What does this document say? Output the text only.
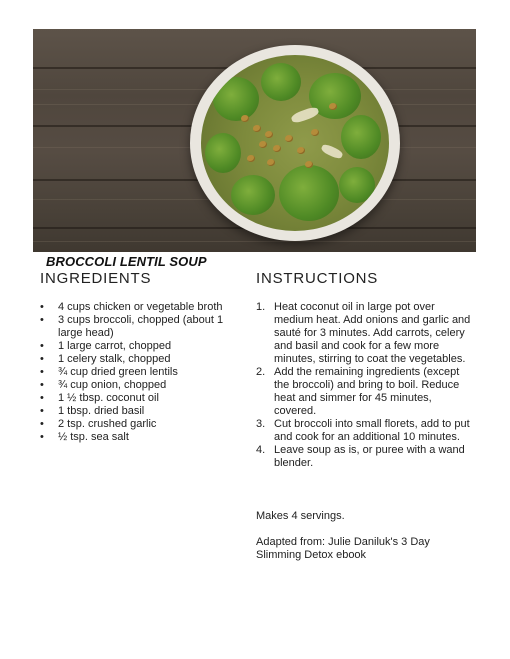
BROCCOLI LENTIL SOUP
INGREDIENTS	INSTRUCTIONS
• 4 cups chicken or vegetable broth
• 3 cups broccoli, chopped (about 1 large head)
• 1 large carrot, chopped
• 1 celery stalk, chopped
• ¾ cup dried green lentils
• ¾ cup onion, chopped
• 1 ½ tbsp. coconut oil
• 1 tbsp. dried basil
• 2 tsp. crushed garlic
• ½ tsp. sea salt
1. Heat coconut oil in large pot over medium heat. Add onions and garlic and sauté for 3 minutes. Add carrots, celery and basil and cook for a few more minutes, stirring to coat the vegetables.
2. Add the remaining ingredients (except the broccoli) and bring to boil. Reduce heat and simmer for 45 minutes, covered.
3. Cut broccoli into small florets, add to put and cook for an additional 10 minutes.
4. Leave soup as is, or puree with a wand blender.
Makes 4 servings.
Adapted from: Julie Daniluk's 3 Day Slimming Detox ebook
